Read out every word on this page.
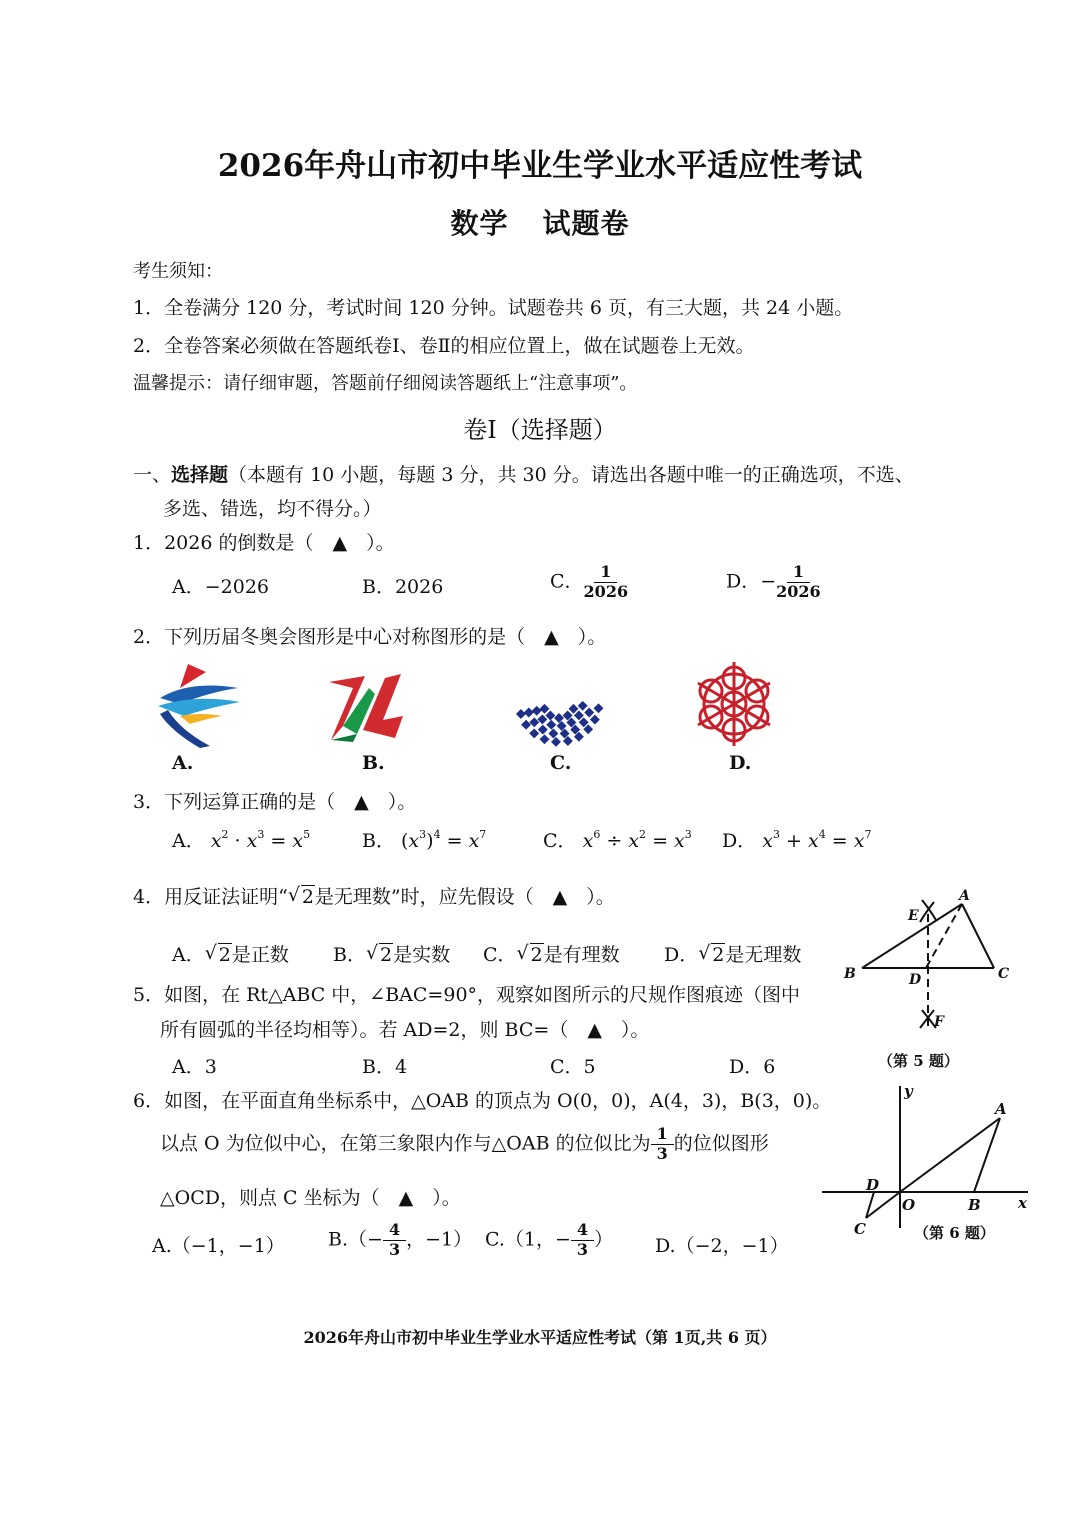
2026年舟山市初中毕业生学业水平适应性考试
数学 试题卷
考生须知：
1．全卷满分 120 分，考试时间 120 分钟。试题卷共 6 页，有三大题，共 24 小题。
2．全卷答案必须做在答题纸卷Ⅰ、卷Ⅱ的相应位置上，做在试题卷上无效。
温馨提示：请仔细审题，答题前仔细阅读答题纸上“注意事项”。
卷Ⅰ（选择题）
一、选择题（本题有 10 小题，每题 3 分，共 30 分。请选出各题中唯一的正确选项，不选、
多选、错选，均不得分。）
1．2026 的倒数是（　▲　）。
A．−2026	B．2026	C． $\frac{1}{2026}$	D．− $\frac{1}{2026}$
2．下列历届冬奥会图形是中心对称图形的是（　▲　）。
A.	B.	C.	D.
3．下列运算正确的是（　▲　）。
A． $x^2 \cdot x^3 = x^5$	B． $(x^3)^4 = x^7$	C． $x^6 \div x^2 = x^3$ D． $x^3 + x^4 = x^7$
4．用反证法证明“ √ 2是无理数”时，应先假设（　▲　）。
A． √ 2是正数 B． √ 2是实数 C． √ 2是有理数 D． √ 2是无理数
A
B	C
D
E
F
（第 5 题）
5．如图，在 Rt△ABC 中，∠BAC=90°，观察如图所示的尺规作图痕迹（图中
所有圆弧的半径均相等）。若 AD=2，则 BC=（　▲　）。
A．3	B．4	C．5	D．6
6．如图，在平面直角坐标系中，△OAB 的顶点为 O(0，0)，A(4，3)，B(3，0)。
以点 O 为位似中心，在第三象限内作与△OAB 的位似比为 $\frac{1}{3}$ 的位似图形
△OCD，则点 C 坐标为（　▲　）。
A.（−1，−1） $B.(- \frac{4}{3}$ ，−1） C.（1，− $\frac{4}{3}$ ） D.（−2，−1）
y
x
A
B
O
C
D
（第 6 题）
2026年舟山市初中毕业生学业水平适应性考试（第 1页,共 6 页）
